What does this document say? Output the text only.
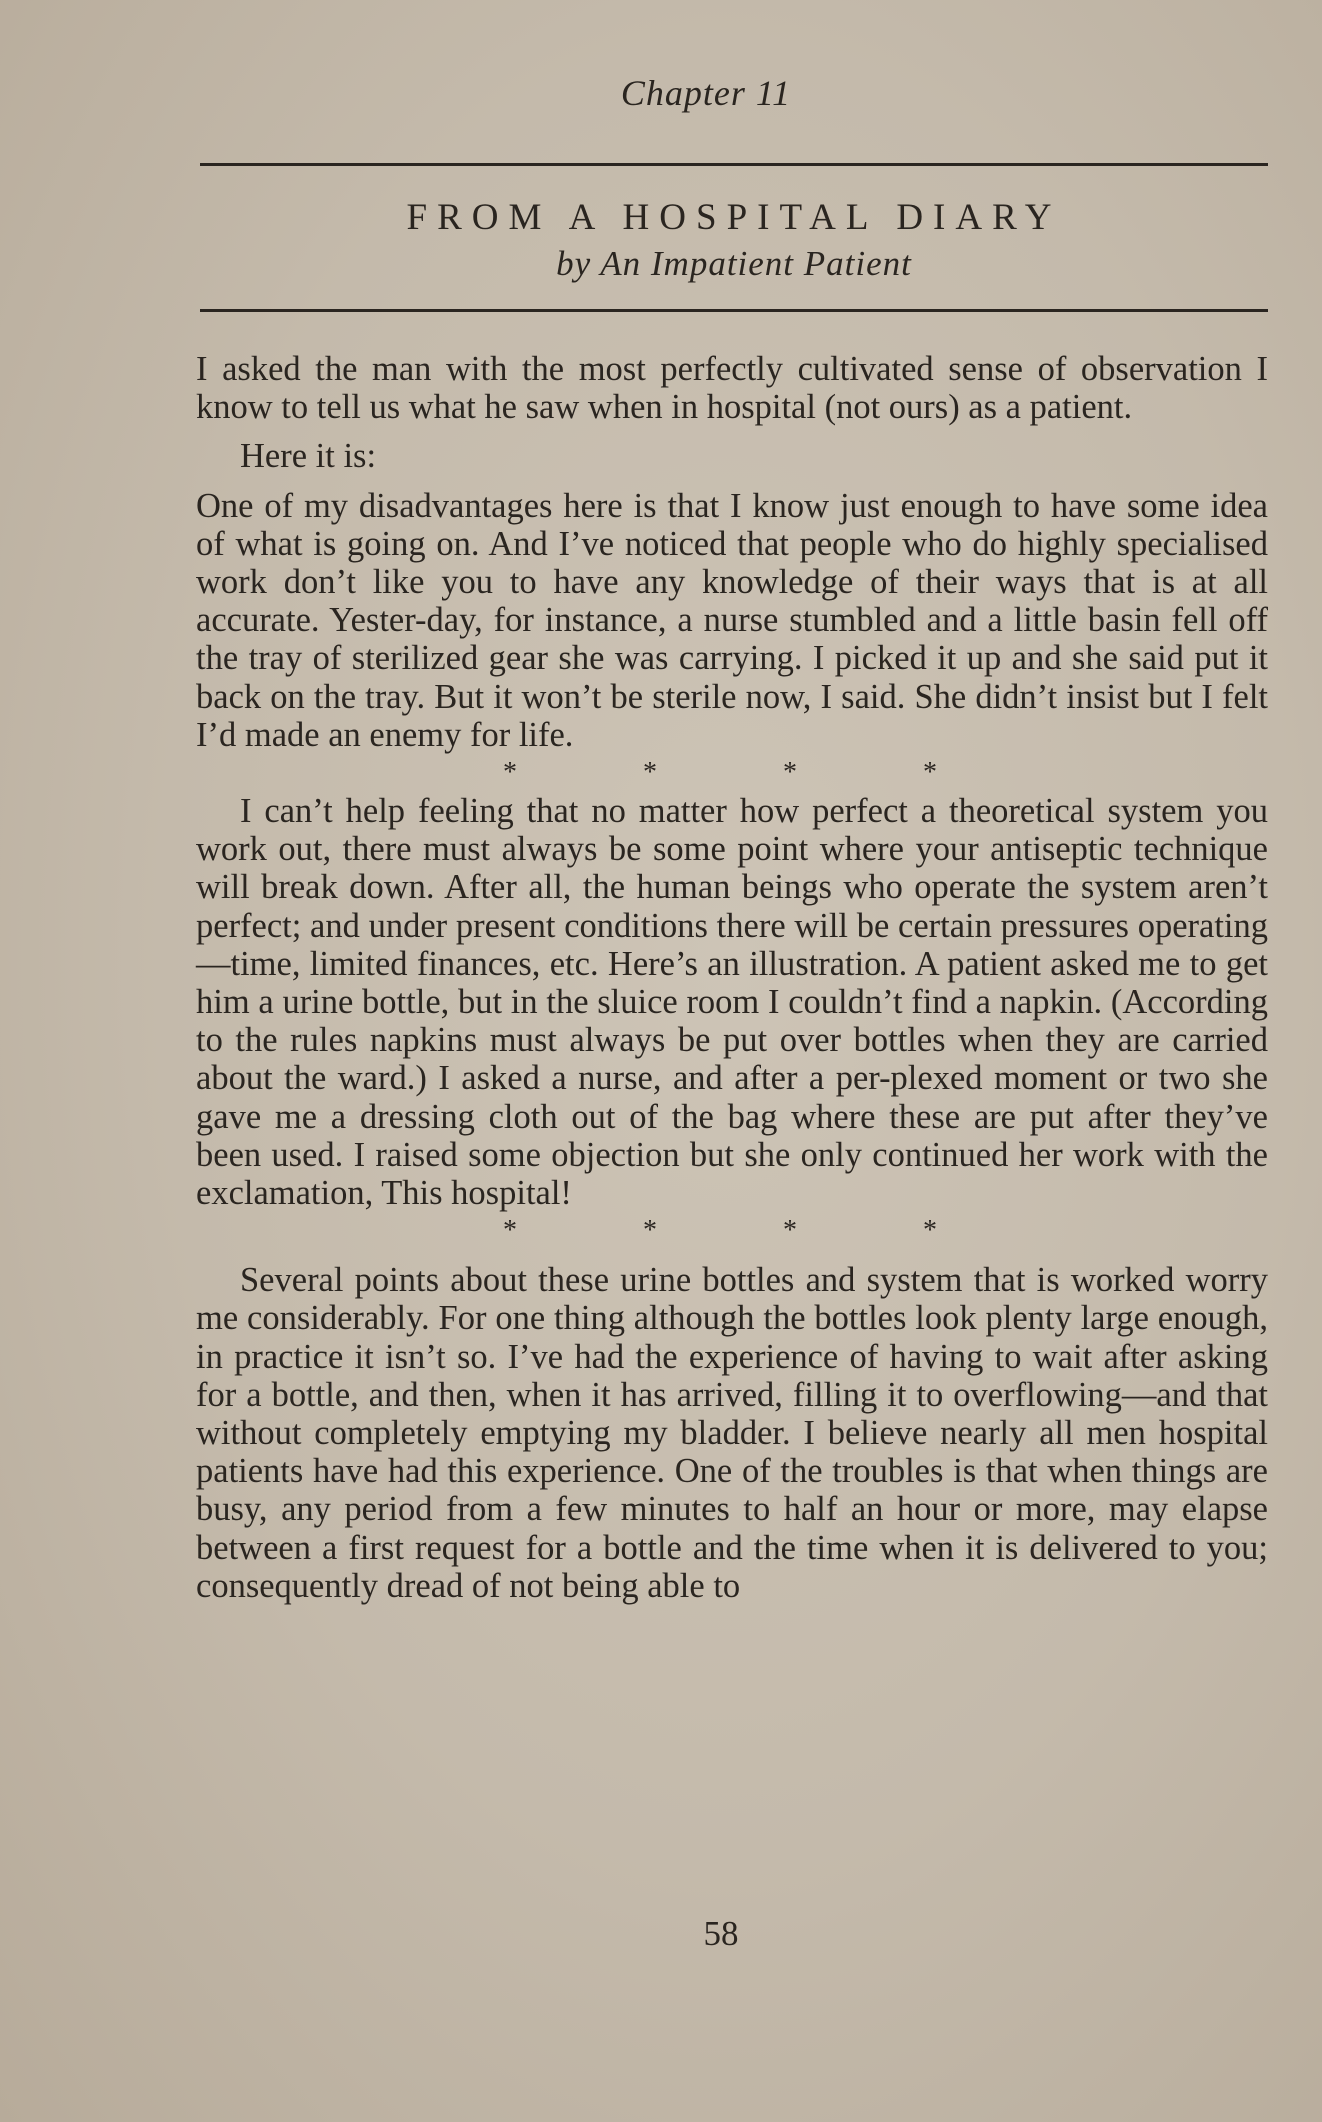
Chapter 11
FROM A HOSPITAL DIARY
by An Impatient Patient

I asked the man with the most perfectly cultivated sense of observation I know to tell us what he saw when in hospital (not ours) as a patient.

Here it is:

One of my disadvantages here is that I know just enough to have some idea of what is going on. And I’ve noticed that people who do highly specialised work don’t like you to have any knowledge of their ways that is at all accurate. Yester-day, for instance, a nurse stumbled and a little basin fell off the tray of sterilized gear she was carrying. I picked it up and she said put it back on the tray. But it won’t be sterile now, I said. She didn’t insist but I felt I’d made an enemy for life.

*	*	*	*

I can’t help feeling that no matter how perfect a theoretical system you work out, there must always be some point where your antiseptic technique will break down. After all, the human beings who operate the system aren’t perfect; and under present conditions there will be certain pressures operating—time, limited finances, etc. Here’s an illustration. A patient asked me to get him a urine bottle, but in the sluice room I couldn’t find a napkin. (According to the rules napkins must always be put over bottles when they are carried about the ward.) I asked a nurse, and after a per-plexed moment or two she gave me a dressing cloth out of the bag where these are put after they’ve been used. I raised some objection but she only continued her work with the exclamation, This hospital!

*	*	*	*

Several points about these urine bottles and system that is worked worry me considerably. For one thing although the bottles look plenty large enough, in practice it isn’t so. I’ve had the experience of having to wait after asking for a bottle, and then, when it has arrived, filling it to overflowing—and that without completely emptying my bladder. I believe nearly all men hospital patients have had this experience. One of the troubles is that when things are busy, any period from a few minutes to half an hour or more, may elapse between a first request for a bottle and the time when it is delivered to you; consequently dread of not being able to

58
